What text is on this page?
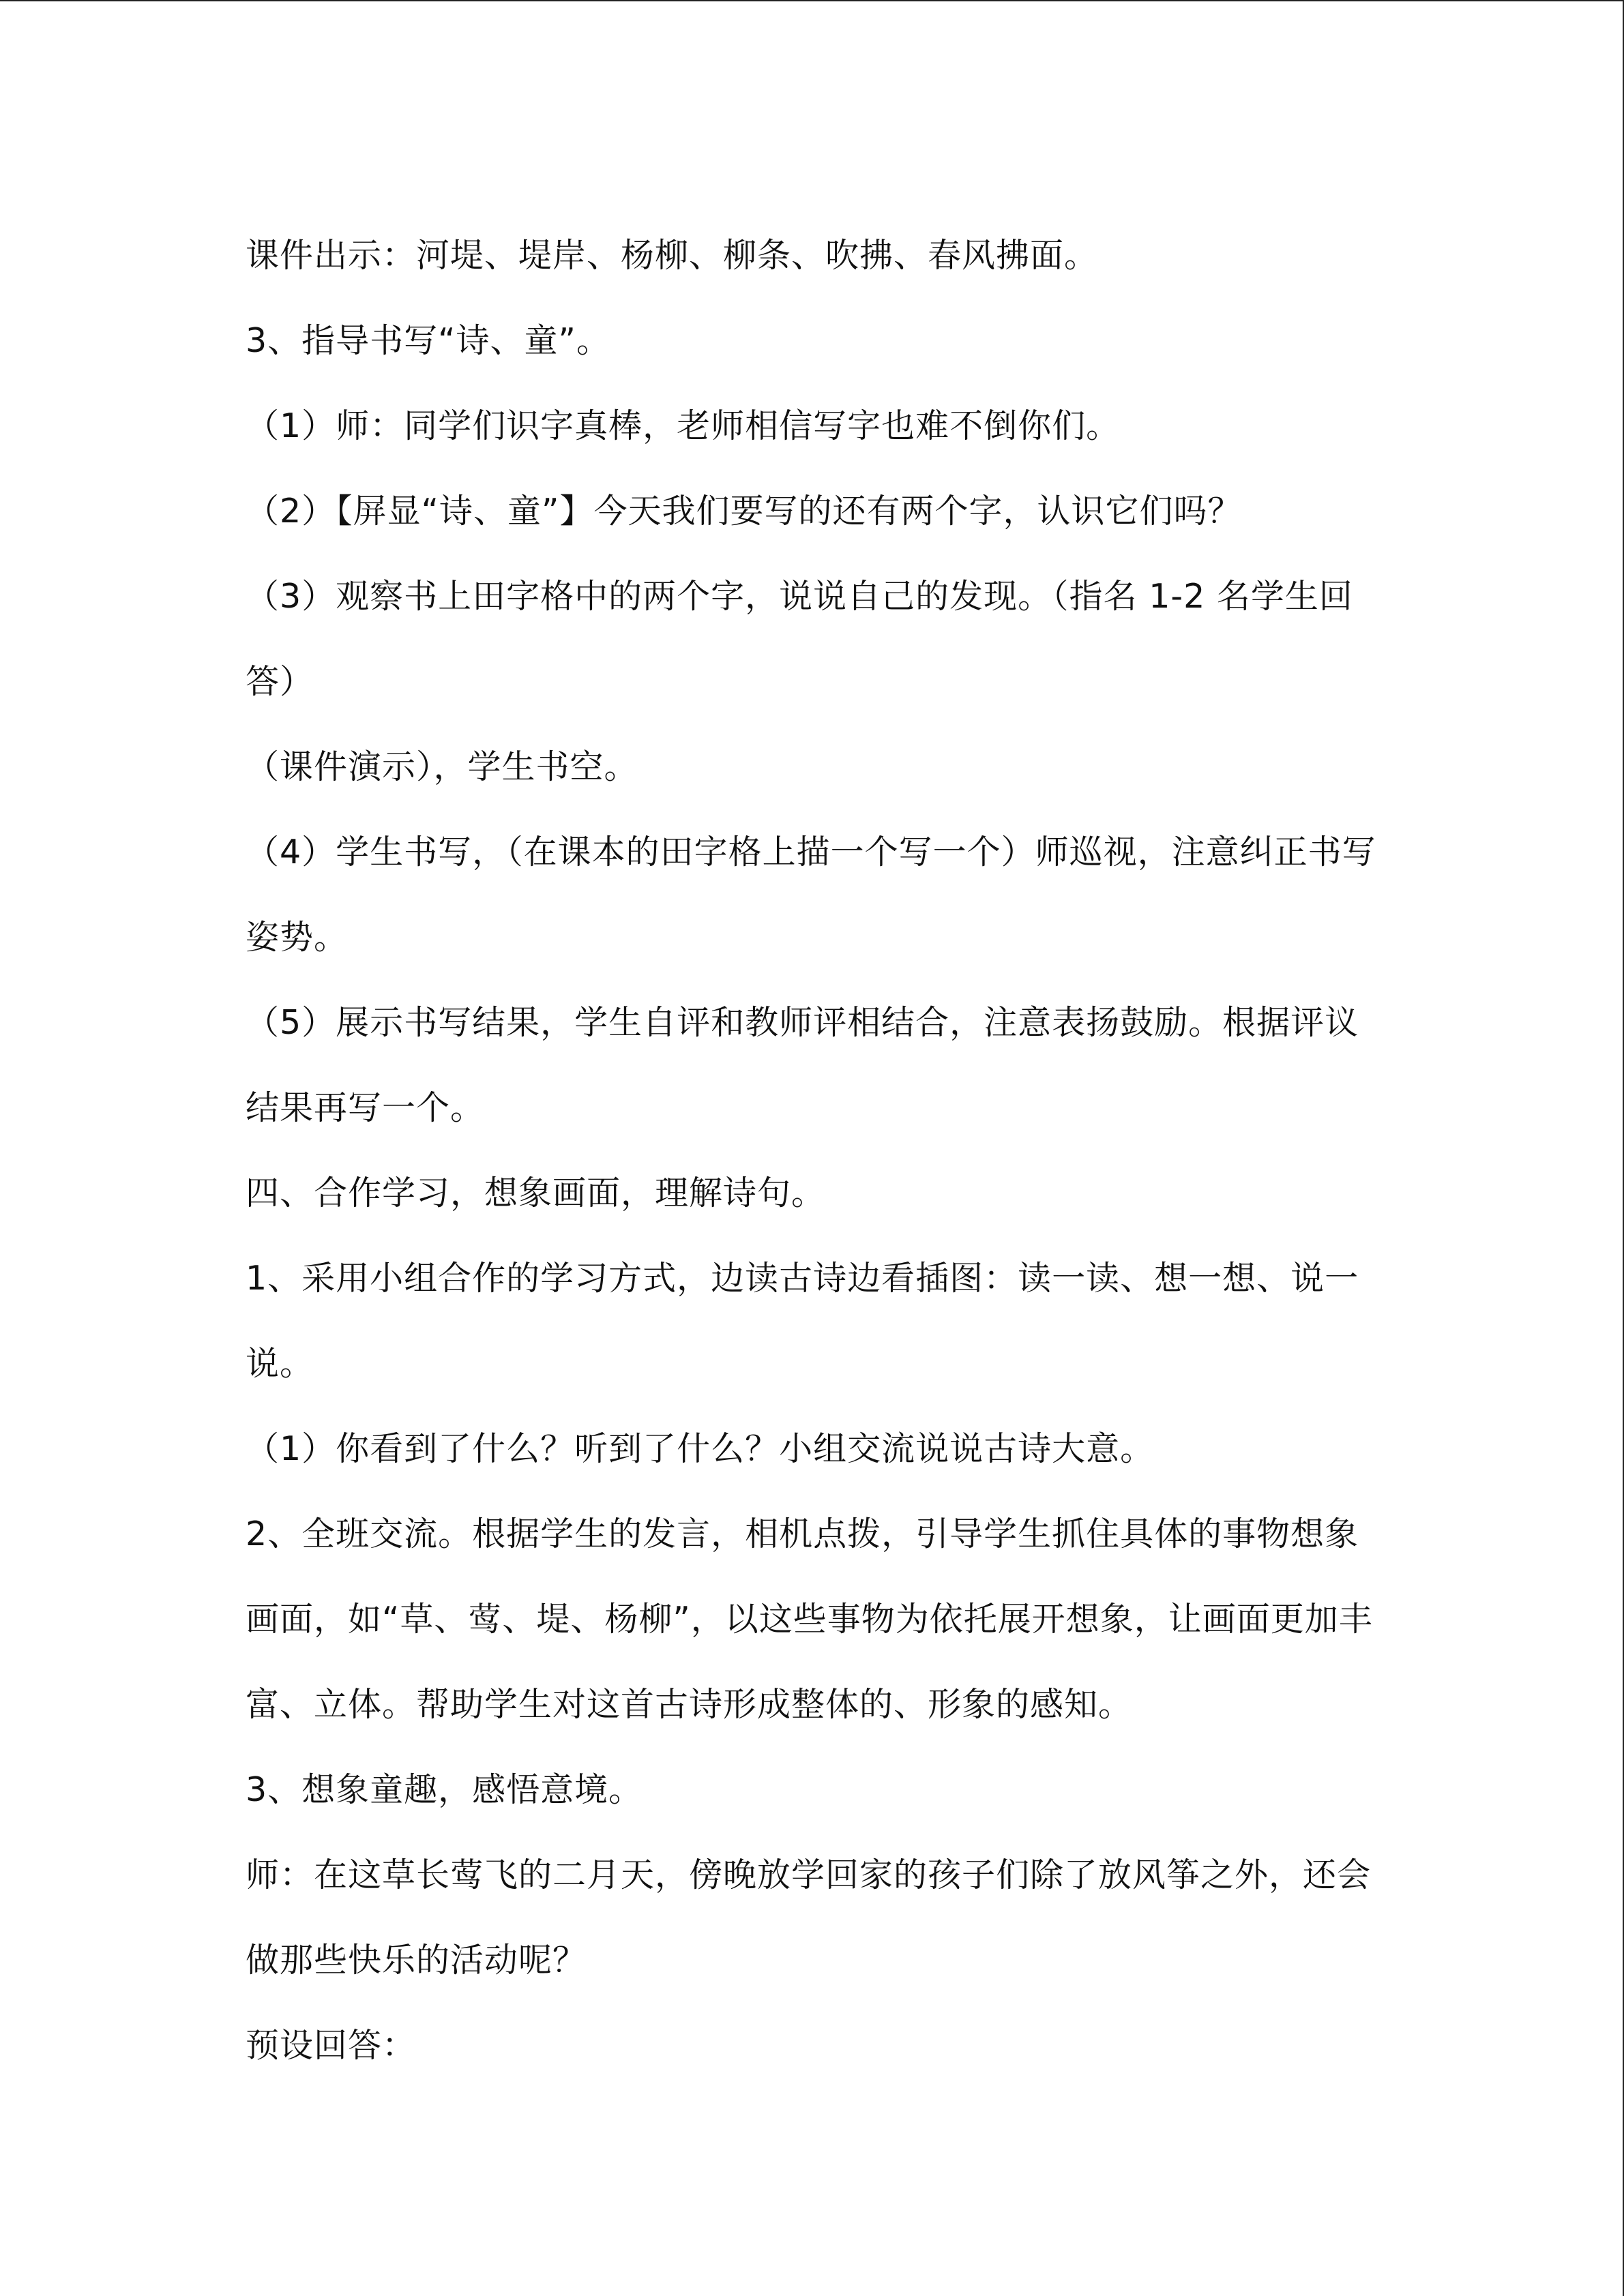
课件出示：河堤、堤岸、杨柳、柳条、吹拂、春风拂面。
3、指导书写“诗、童”。
（1）师：同学们识字真棒，老师相信写字也难不倒你们。
（2）【屏显“诗、童”】今天我们要写的还有两个字，认识它们吗？
（3）观察书上田字格中的两个字，说说自己的发现。（指名 1-2 名学生回
答）
（课件演示），学生书空。
（4）学生书写，（在课本的田字格上描一个写一个）师巡视，注意纠正书写
姿势。
（5）展示书写结果，学生自评和教师评相结合，注意表扬鼓励。根据评议
结果再写一个。
四、合作学习，想象画面，理解诗句。
1、采用小组合作的学习方式，边读古诗边看插图：读一读、想一想、说一
说。
（1）你看到了什么？听到了什么？小组交流说说古诗大意。
2、全班交流。根据学生的发言，相机点拨，引导学生抓住具体的事物想象
画面，如“草、莺、堤、杨柳”，以这些事物为依托展开想象，让画面更加丰
富、立体。帮助学生对这首古诗形成整体的、形象的感知。
3、想象童趣，感悟意境。
师：在这草长莺飞的二月天，傍晚放学回家的孩子们除了放风筝之外，还会
做那些快乐的活动呢？
预设回答：
